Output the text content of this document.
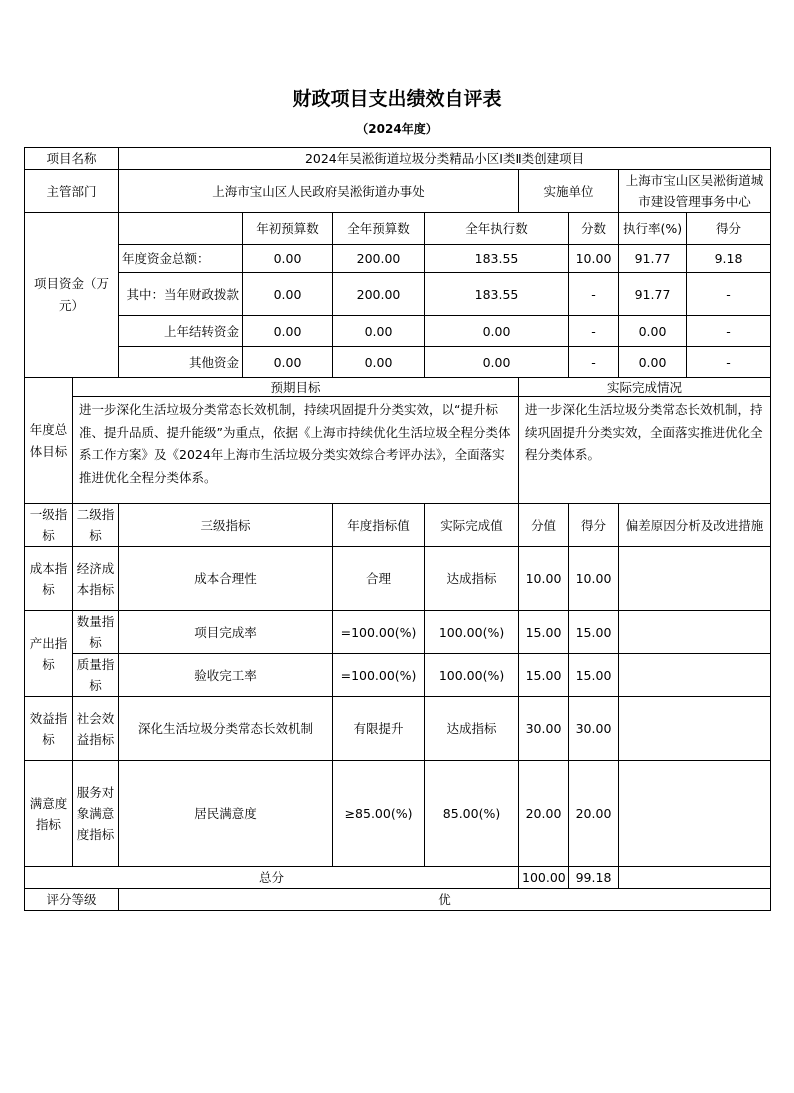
财政项目支出绩效自评表
（2024年度）
项目名称		2024年吴淞街道垃圾分类精品小区Ⅰ类Ⅱ类创建项目							
主管部门		上海市宝山区人民政府吴淞街道办事处				实施单位		上海市宝山区吴淞街道城市建设管理事务中心	
项目资金（万元）			年初预算数	全年预算数	全年执行数		分数	执行率(%)	得分
		年度资金总额：	0.00	200.00	183.55		10.00	91.77	9.18
		其中：当年财政拨款	0.00	200.00	183.55		-	91.77	-
		上年结转资金	0.00	0.00	0.00		-	0.00	-
		其他资金	0.00	0.00	0.00		-	0.00	-
年度总体目标	预期目标					实际完成情况			
	进一步深化生活垃圾分类常态长效机制，持续巩固提升分类实效，以“提升标准、提升品质、提升能级”为重点，依据《上海市持续优化生活垃圾全程分类体系工作方案》及《2024年上海市生活垃圾分类实效综合考评办法》，全面落实推进优化全程分类体系。					进一步深化生活垃圾分类常态长效机制，持续巩固提升分类实效，全面落实推进优化全程分类体系。			
一级指标	二级指标	三级指标		年度指标值	实际完成值	分值	得分	偏差原因分析及改进措施	
成本指标	经济成本指标	成本合理性		合理	达成指标	10.00	10.00		
产出指标	数量指标	项目完成率		=100.00(%)	100.00(%)	15.00	15.00		
	质量指标	验收完工率		=100.00(%)	100.00(%)	15.00	15.00		
效益指标	社会效益指标	深化生活垃圾分类常态长效机制		有限提升	达成指标	30.00	30.00		
满意度指标	服务对象满意度指标	居民满意度		≥85.00(%)	85.00(%)	20.00	20.00		
总分						100.00	99.18		
评分等级		优							
